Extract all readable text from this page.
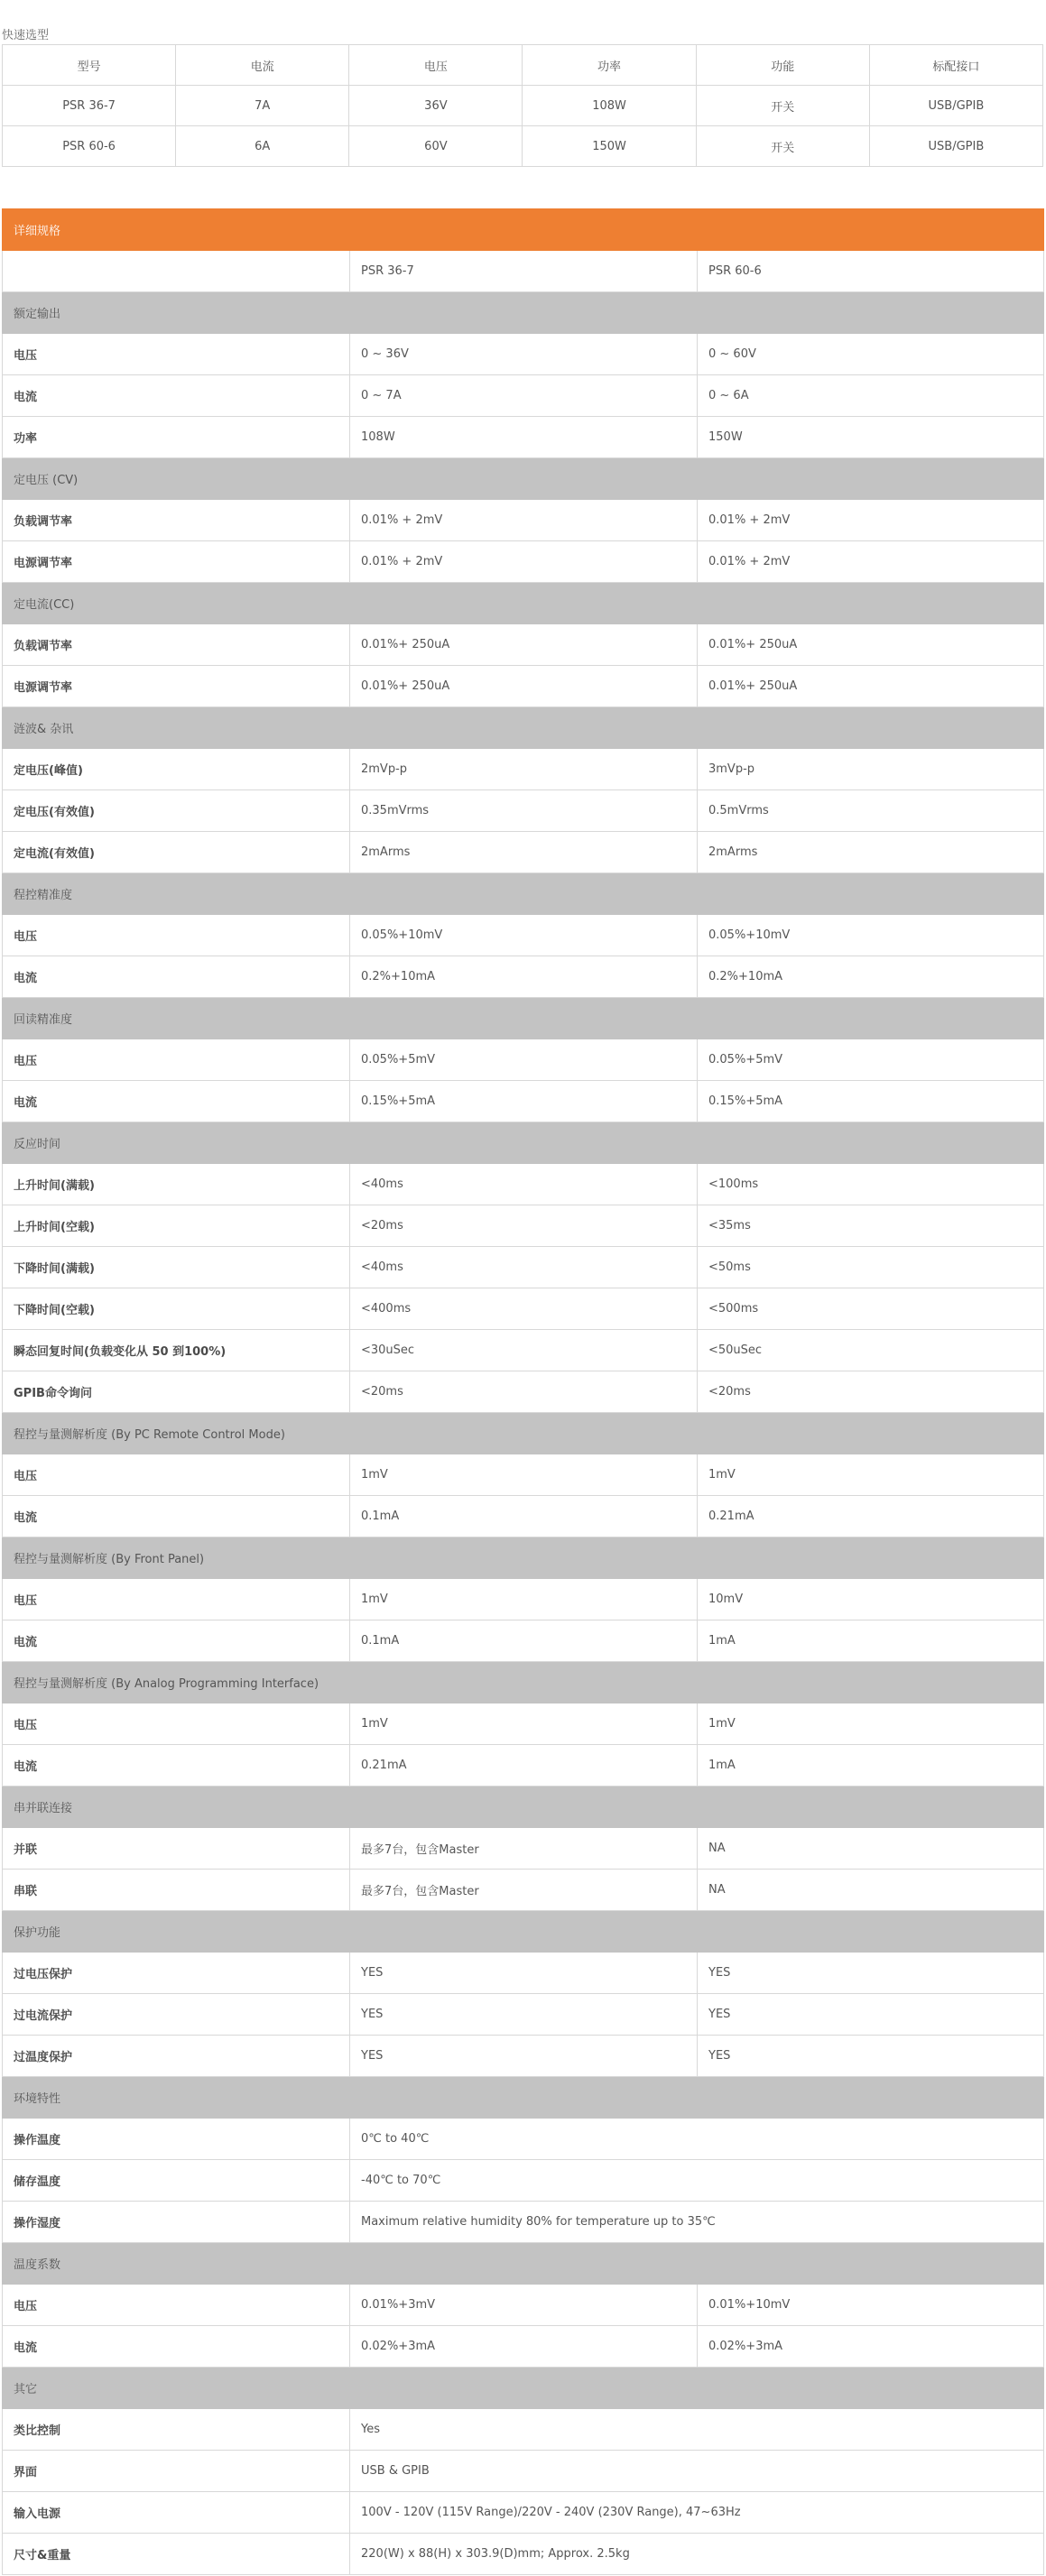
快速选型
型号	电流	电压	功率	功能	标配接口
PSR 36-7	7A	36V	108W	开关	USB/GPIB
PSR 60-6	6A	60V	150W	开关	USB/GPIB
详细规格		
	PSR 36-7	PSR 60-6
额定输出		
电压	0 ~ 36V	0 ~ 60V
电流	0 ~ 7A	0 ~ 6A
功率	108W	150W
定电压 (CV)		
负载调节率	0.01% + 2mV	0.01% + 2mV
电源调节率	0.01% + 2mV	0.01% + 2mV
定电流(CC)		
负载调节率	0.01%+ 250uA	0.01%+ 250uA
电源调节率	0.01%+ 250uA	0.01%+ 250uA
涟波& 杂讯		
定电压(峰值)	2mVp-p	3mVp-p
定电压(有效值)	0.35mVrms	0.5mVrms
定电流(有效值)	2mArms	2mArms
程控精准度		
电压	0.05%+10mV	0.05%+10mV
电流	0.2%+10mA	0.2%+10mA
回读精准度		
电压	0.05%+5mV	0.05%+5mV
电流	0.15%+5mA	0.15%+5mA
反应时间		
上升时间(满载)	<40ms	<100ms
上升时间(空载)	<20ms	<35ms
下降时间(满载)	<40ms	<50ms
下降时间(空载)	<400ms	<500ms
瞬态回复时间(负载变化从 50 到100%)	<30uSec	<50uSec
GPIB命令询问	<20ms	<20ms
程控与量测解析度 (By PC Remote Control Mode)		
电压	1mV	1mV
电流	0.1mA	0.21mA
程控与量测解析度 (By Front Panel)		
电压	1mV	10mV
电流	0.1mA	1mA
程控与量测解析度 (By Analog Programming Interface)		
电压	1mV	1mV
电流	0.21mA	1mA
串并联连接		
并联	最多7台，包含Master	NA
串联	最多7台，包含Master	NA
保护功能		
过电压保护	YES	YES
过电流保护	YES	YES
过温度保护	YES	YES
环境特性		
操作温度	0℃ to 40℃	
储存温度	-40℃ to 70℃	
操作湿度	Maximum relative humidity 80% for temperature up to 35℃	
温度系数		
电压	0.01%+3mV	0.01%+10mV
电流	0.02%+3mA	0.02%+3mA
其它		
类比控制	Yes	
界面	USB & GPIB	
输入电源	100V - 120V (115V Range)/220V - 240V (230V Range), 47~63Hz	
尺寸&重量	220(W) x 88(H) x 303.9(D)mm; Approx. 2.5kg	
